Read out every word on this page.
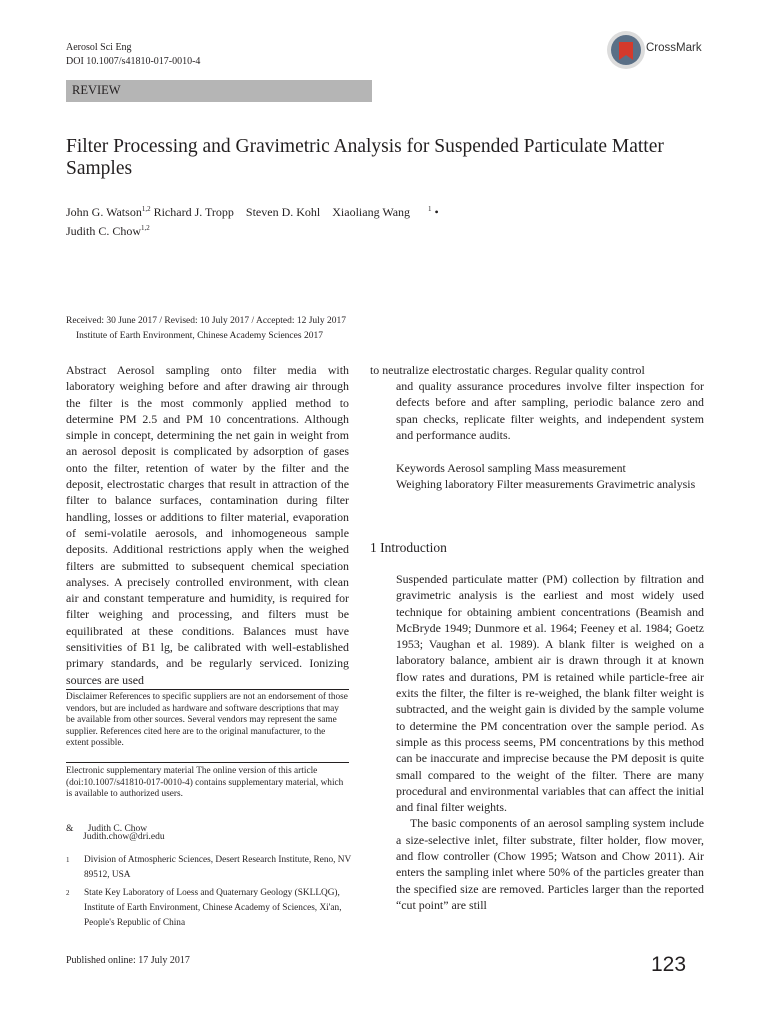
Aerosol Sci Eng
DOI 10.1007/s41810-017-0010-4
CrossMark
REVIEW
Filter Processing and Gravimetric Analysis for Suspended Particulate Matter Samples
John G. Watson$^{1,2}$ Richard J. Tropp Steven D. Kohl Xiaoliang Wang	$^1$ •
Judith C. Chow$^{1,2}$
Received: 30 June 2017 / Revised: 10 July 2017 / Accepted: 12 July 2017
Institute of Earth Environment, Chinese Academy Sciences 2017

Abstract Aerosol sampling onto filter media with laboratory weighing before and after drawing air through the filter is the most commonly applied method to determine PM 2.5 and PM 10 concentrations. Although simple in concept, determining the net gain in weight from an aerosol deposit is complicated by adsorption of gases onto the filter, retention of water by the filter and the deposit, electrostatic charges that result in attraction of the filter to balance surfaces, contamination during filter handling, losses or additions to filter material, evaporation of semi-volatile aerosols, and inhomogeneous sample deposits. Additional restrictions apply when the weighed filters are submitted to subsequent chemical speciation analyses. A precisely controlled environment, with clean air and constant temperature and humidity, is required for filter weighing and processing, and filters must be equilibrated at these conditions. Balances must have sensitivities of B1 lg, be calibrated with well-established primary standards, and be regularly serviced. Ionizing sources are used

to neutralize electrostatic charges. Regular quality control
and quality assurance procedures involve filter inspection for defects before and after sampling, periodic balance zero and span checks, replicate filter weights, and independent system and performance audits.
Keywords Aerosol sampling Mass measurement
Weighing laboratory Filter measurements Gravimetric analysis
1 Introduction

Suspended particulate matter (PM) collection by filtration and gravimetric analysis is the earliest and most widely used technique for obtaining ambient concentrations (Beamish and McBryde 1949; Dunmore et al. 1964; Feeney et al. 1984; Goetz 1953; Vaughan et al. 1989). A blank filter is weighed on a laboratory balance, ambient air is drawn through it at known flow rates and durations, PM is retained while particle-free air exits the filter, the filter is re-weighed, the blank filter weight is subtracted, and the weight gain is divided by the sample volume to determine the PM concentration over the sample period. As simple as this process seems, PM concentrations by this method can be inaccurate and imprecise because the PM deposit is quite small compared to the weight of the filter. There are many procedural and environmental variables that can affect the initial and final filter weights.

The basic components of an aerosol sampling system include a size-selective inlet, filter substrate, filter holder, flow mover, and flow controller (Chow 1995; Watson and Chow 2011). Air enters the sampling inlet where 50% of the particles greater than the specified size are removed. Particles larger than the reported “cut point” are still

Disclaimer References to specific suppliers are not an endorsement of those vendors, but are included as hardware and software descriptions that may be available from other sources. Several vendors may represent the same supplier. References cited here are to the original manufacturer, to the extent possible.
Electronic supplementary material The online version of this article (doi:10.1007/s41810-017-0010-4) contains supplementary material, which is available to authorized users.
& Judith C. Chow
Judith.chow@dri.edu
1 Division of Atmospheric Sciences, Desert Research Institute, Reno, NV 89512, USA
2 State Key Laboratory of Loess and Quaternary Geology (SKLLQG), Institute of Earth Environment, Chinese Academy of Sciences, Xi'an, People's Republic of China
Published online: 17 July 2017	123
